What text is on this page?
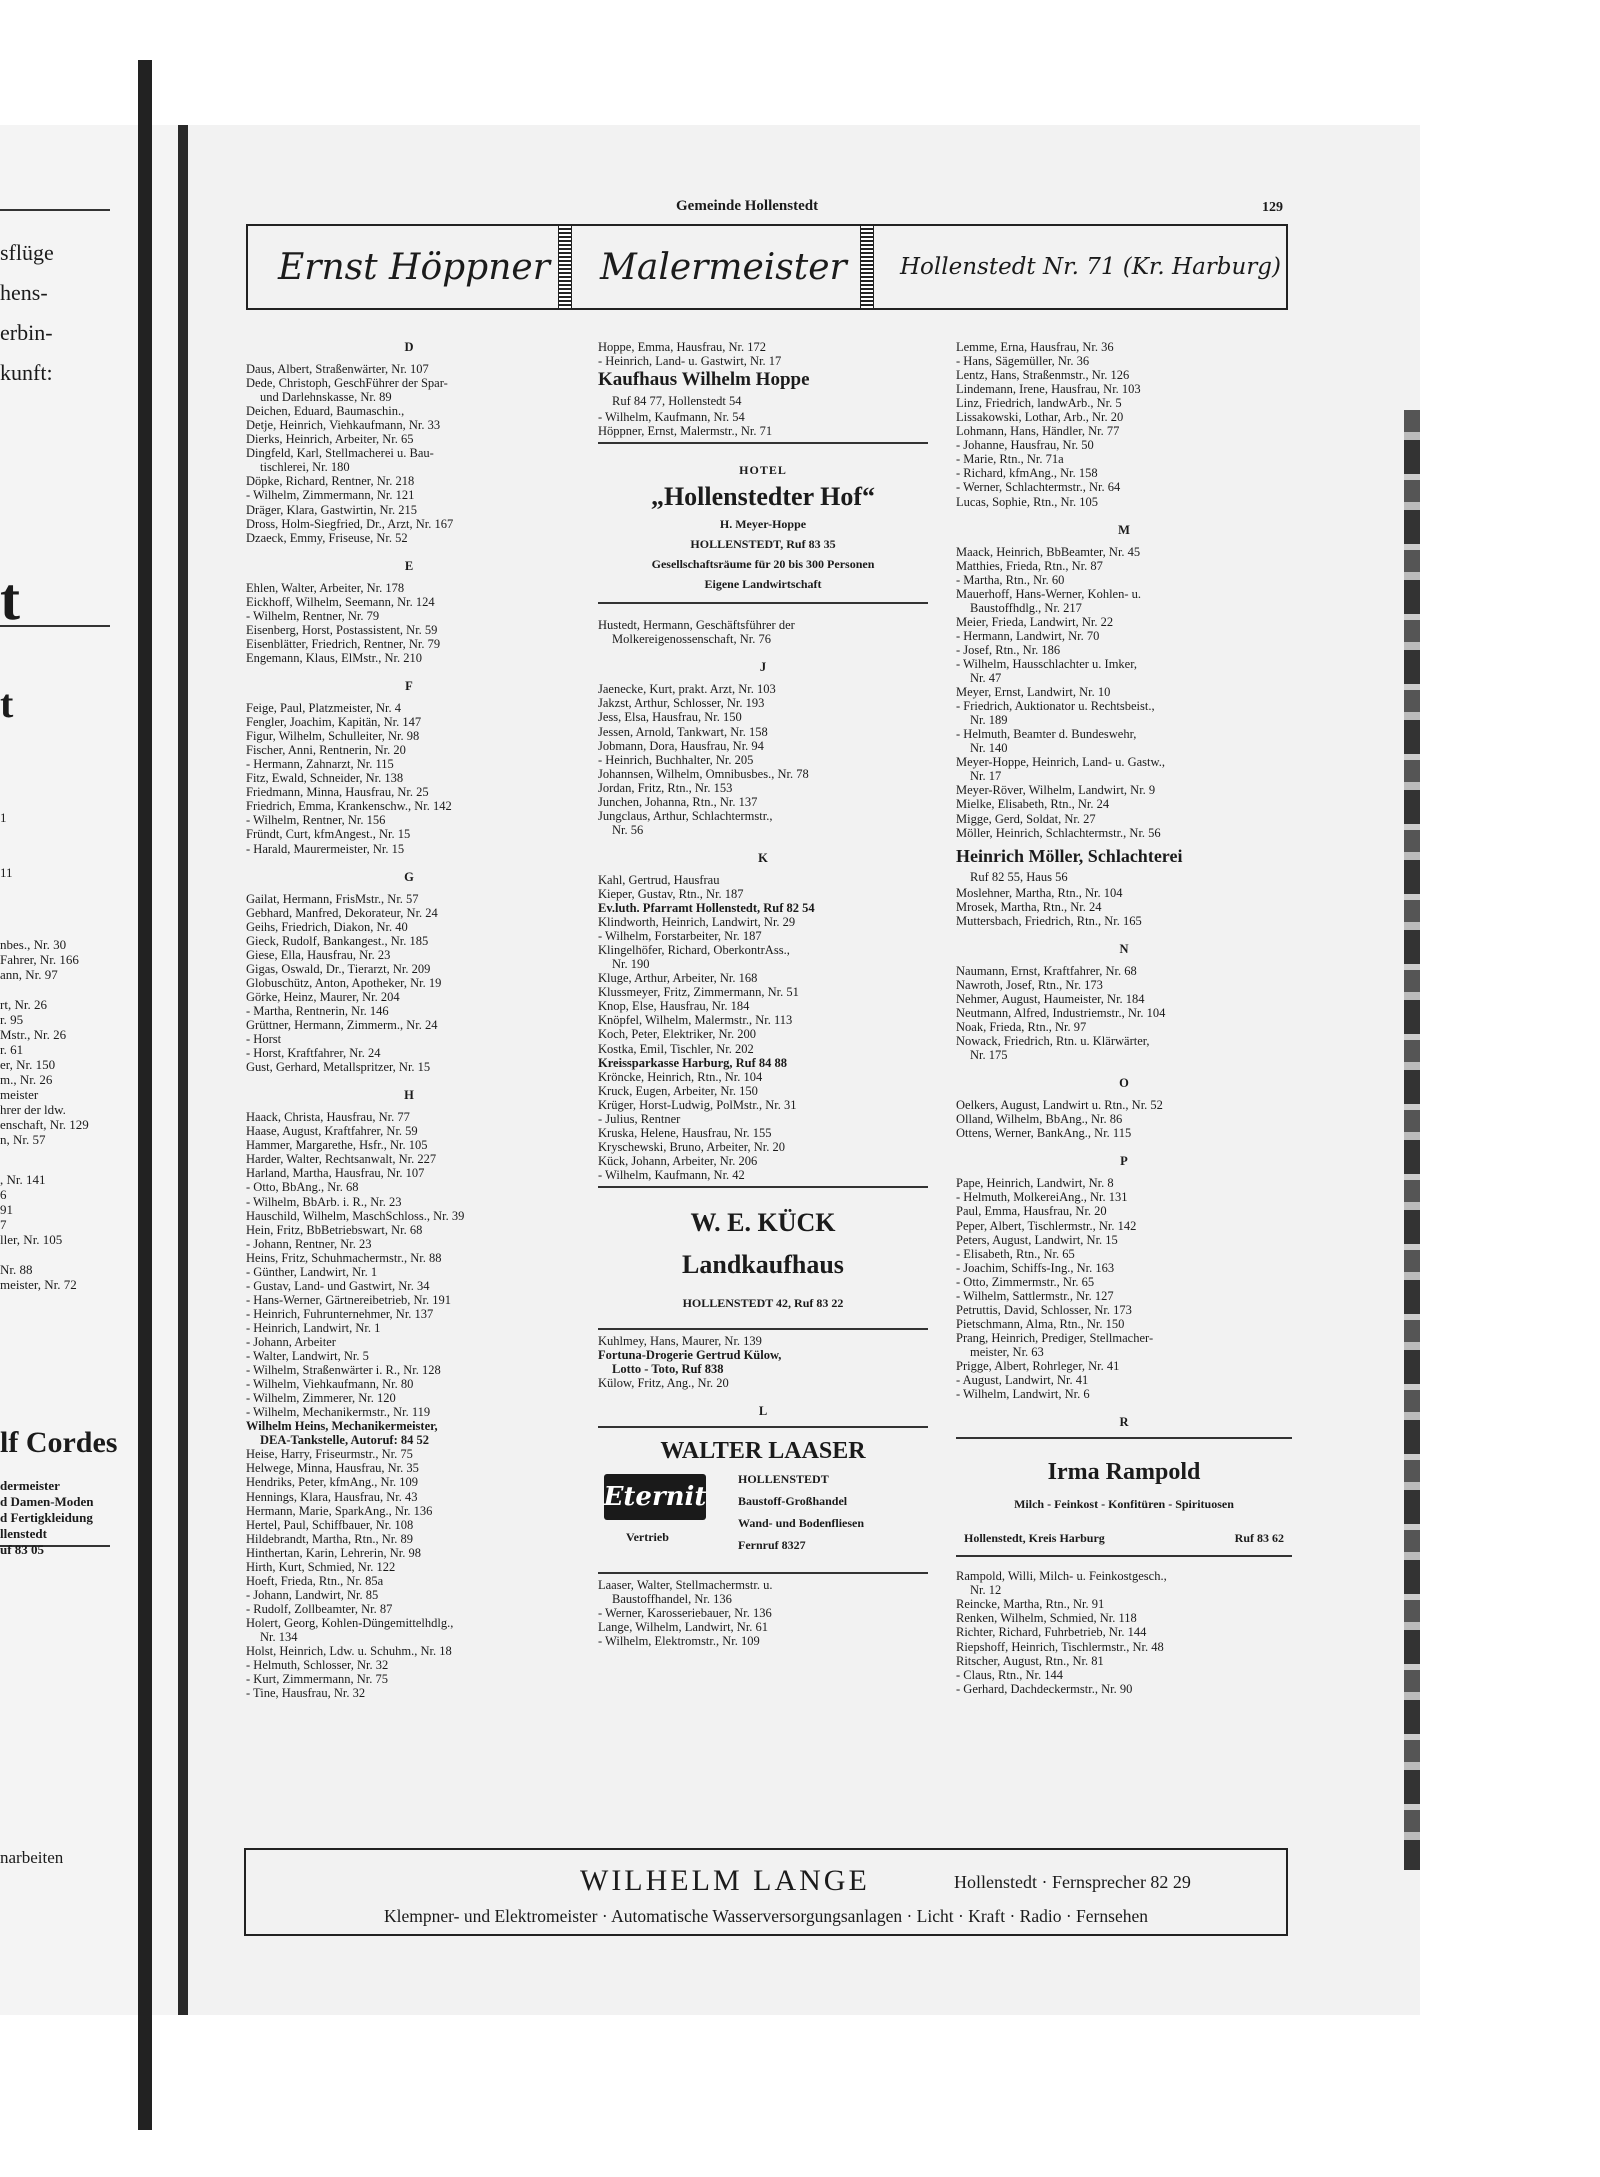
sflüge
hens-
erbin-
kunft:
t
t
1
11
nbes., Nr. 30
Fahrer, Nr. 166
ann, Nr. 97
rt, Nr. 26
r. 95
Mstr., Nr. 26
r. 61
er, Nr. 150
m., Nr. 26
meister
hrer der ldw.
enschaft, Nr. 129
n, Nr. 57
, Nr. 141
6
91
7
ller, Nr. 105
Nr. 88
meister, Nr. 72
lf Cordes
dermeister
d Damen-Moden
d Fertigkleidung
llenstedt
uf 83 05
narbeiten
Gemeinde Hollenstedt	129
Ernst Höppner	Malermeister Hollenstedt Nr. 71 (Kr. Harburg)
D
Daus, Albert, Straßenwärter, Nr. 107
Dede, Christoph, GeschFührer der Spar-
und Darlehnskasse, Nr. 89
Deichen, Eduard, Baumaschin.,
Detje, Heinrich, Viehkaufmann, Nr. 33
Dierks, Heinrich, Arbeiter, Nr. 65
Dingfeld, Karl, Stellmacherei u. Bau-
tischlerei, Nr. 180
Döpke, Richard, Rentner, Nr. 218
- Wilhelm, Zimmermann, Nr. 121
Dräger, Klara, Gastwirtin, Nr. 215
Dross, Holm-Siegfried, Dr., Arzt, Nr. 167
Dzaeck, Emmy, Friseuse, Nr. 52
E
Ehlen, Walter, Arbeiter, Nr. 178
Eickhoff, Wilhelm, Seemann, Nr. 124
- Wilhelm, Rentner, Nr. 79
Eisenberg, Horst, Postassistent, Nr. 59
Eisenblätter, Friedrich, Rentner, Nr. 79
Engemann, Klaus, ElMstr., Nr. 210
F
Feige, Paul, Platzmeister, Nr. 4
Fengler, Joachim, Kapitän, Nr. 147
Figur, Wilhelm, Schulleiter, Nr. 98
Fischer, Anni, Rentnerin, Nr. 20
- Hermann, Zahnarzt, Nr. 115
Fitz, Ewald, Schneider, Nr. 138
Friedmann, Minna, Hausfrau, Nr. 25
Friedrich, Emma, Krankenschw., Nr. 142
- Wilhelm, Rentner, Nr. 156
Fründt, Curt, kfmAngest., Nr. 15
- Harald, Maurermeister, Nr. 15
G
Gailat, Hermann, FrisMstr., Nr. 57
Gebhard, Manfred, Dekorateur, Nr. 24
Geihs, Friedrich, Diakon, Nr. 40
Gieck, Rudolf, Bankangest., Nr. 185
Giese, Ella, Hausfrau, Nr. 23
Gigas, Oswald, Dr., Tierarzt, Nr. 209
Globuschütz, Anton, Apotheker, Nr. 19
Görke, Heinz, Maurer, Nr. 204
- Martha, Rentnerin, Nr. 146
Grüttner, Hermann, Zimmerm., Nr. 24
- Horst
- Horst, Kraftfahrer, Nr. 24
Gust, Gerhard, Metallspritzer, Nr. 15
H
Haack, Christa, Hausfrau, Nr. 77
Haase, August, Kraftfahrer, Nr. 59
Hammer, Margarethe, Hsfr., Nr. 105
Harder, Walter, Rechtsanwalt, Nr. 227
Harland, Martha, Hausfrau, Nr. 107
- Otto, BbAng., Nr. 68
- Wilhelm, BbArb. i. R., Nr. 23
Hauschild, Wilhelm, MaschSchloss., Nr. 39
Hein, Fritz, BbBetriebswart, Nr. 68
- Johann, Rentner, Nr. 23
Heins, Fritz, Schuhmachermstr., Nr. 88
- Günther, Landwirt, Nr. 1
- Gustav, Land- und Gastwirt, Nr. 34
- Hans-Werner, Gärtnereibetrieb, Nr. 191
- Heinrich, Fuhrunternehmer, Nr. 137
- Heinrich, Landwirt, Nr. 1
- Johann, Arbeiter
- Walter, Landwirt, Nr. 5
- Wilhelm, Straßenwärter i. R., Nr. 128
- Wilhelm, Viehkaufmann, Nr. 80
- Wilhelm, Zimmerer, Nr. 120
- Wilhelm, Mechanikermstr., Nr. 119
Wilhelm Heins, Mechanikermeister,
DEA-Tankstelle, Autoruf: 84 52
Heise, Harry, Friseurmstr., Nr. 75
Helwege, Minna, Hausfrau, Nr. 35
Hendriks, Peter, kfmAng., Nr. 109
Hennings, Klara, Hausfrau, Nr. 43
Hermann, Marie, SparkAng., Nr. 136
Hertel, Paul, Schiffbauer, Nr. 108
Hildebrandt, Martha, Rtn., Nr. 89
Hinthertan, Karin, Lehrerin, Nr. 98
Hirth, Kurt, Schmied, Nr. 122
Hoeft, Frieda, Rtn., Nr. 85a
- Johann, Landwirt, Nr. 85
- Rudolf, Zollbeamter, Nr. 87
Holert, Georg, Kohlen-Düngemittelhdlg.,
Nr. 134
Holst, Heinrich, Ldw. u. Schuhm., Nr. 18
- Helmuth, Schlosser, Nr. 32
- Kurt, Zimmermann, Nr. 75
- Tine, Hausfrau, Nr. 32
Hoppe, Emma, Hausfrau, Nr. 172
- Heinrich, Land- u. Gastwirt, Nr. 17
Kaufhaus Wilhelm Hoppe
Ruf 84 77, Hollenstedt 54
- Wilhelm, Kaufmann, Nr. 54
Höppner, Ernst, Malermstr., Nr. 71
HOTEL
„Hollenstedter Hof“
H. Meyer-Hoppe
HOLLENSTEDT, Ruf 83 35
Gesellschaftsräume für 20 bis 300 Personen
Eigene Landwirtschaft
Hustedt, Hermann, Geschäftsführer der
Molkereigenossenschaft, Nr. 76
J
Jaenecke, Kurt, prakt. Arzt, Nr. 103
Jakzst, Arthur, Schlosser, Nr. 193
Jess, Elsa, Hausfrau, Nr. 150
Jessen, Arnold, Tankwart, Nr. 158
Jobmann, Dora, Hausfrau, Nr. 94
- Heinrich, Buchhalter, Nr. 205
Johannsen, Wilhelm, Omnibusbes., Nr. 78
Jordan, Fritz, Rtn., Nr. 153
Junchen, Johanna, Rtn., Nr. 137
Jungclaus, Arthur, Schlachtermstr.,
Nr. 56
K
Kahl, Gertrud, Hausfrau
Kieper, Gustav, Rtn., Nr. 187
Ev.luth. Pfarramt Hollenstedt, Ruf 82 54
Klindworth, Heinrich, Landwirt, Nr. 29
- Wilhelm, Forstarbeiter, Nr. 187
Klingelhöfer, Richard, OberkontrAss.,
Nr. 190
Kluge, Arthur, Arbeiter, Nr. 168
Klussmeyer, Fritz, Zimmermann, Nr. 51
Knop, Else, Hausfrau, Nr. 184
Knöpfel, Wilhelm, Malermstr., Nr. 113
Koch, Peter, Elektriker, Nr. 200
Kostka, Emil, Tischler, Nr. 202
Kreissparkasse Harburg, Ruf 84 88
Kröncke, Heinrich, Rtn., Nr. 104
Kruck, Eugen, Arbeiter, Nr. 150
Krüger, Horst-Ludwig, PolMstr., Nr. 31
- Julius, Rentner
Kruska, Helene, Hausfrau, Nr. 155
Kryschewski, Bruno, Arbeiter, Nr. 20
Kück, Johann, Arbeiter, Nr. 206
- Wilhelm, Kaufmann, Nr. 42
W. E. KÜCK
Landkaufhaus
HOLLENSTEDT 42, Ruf 83 22
Kuhlmey, Hans, Maurer, Nr. 139
Fortuna-Drogerie Gertrud Külow,
Lotto - Toto, Ruf 838
Külow, Fritz, Ang., Nr. 20
L
WALTER LAASER
Eternit
Vertrieb
HOLLENSTEDT
Baustoff-Großhandel
Wand- und Bodenfliesen
Fernruf 8327
Laaser, Walter, Stellmachermstr. u.
Baustoffhandel, Nr. 136
- Werner, Karosseriebauer, Nr. 136
Lange, Wilhelm, Landwirt, Nr. 61
- Wilhelm, Elektromstr., Nr. 109
Lemme, Erna, Hausfrau, Nr. 36
- Hans, Sägemüller, Nr. 36
Lentz, Hans, Straßenmstr., Nr. 126
Lindemann, Irene, Hausfrau, Nr. 103
Linz, Friedrich, landwArb., Nr. 5
Lissakowski, Lothar, Arb., Nr. 20
Lohmann, Hans, Händler, Nr. 77
- Johanne, Hausfrau, Nr. 50
- Marie, Rtn., Nr. 71a
- Richard, kfmAng., Nr. 158
- Werner, Schlachtermstr., Nr. 64
Lucas, Sophie, Rtn., Nr. 105
M
Maack, Heinrich, BbBeamter, Nr. 45
Matthies, Frieda, Rtn., Nr. 87
- Martha, Rtn., Nr. 60
Mauerhoff, Hans-Werner, Kohlen- u.
Baustoffhdlg., Nr. 217
Meier, Frieda, Landwirt, Nr. 22
- Hermann, Landwirt, Nr. 70
- Josef, Rtn., Nr. 186
- Wilhelm, Hausschlachter u. Imker,
Nr. 47
Meyer, Ernst, Landwirt, Nr. 10
- Friedrich, Auktionator u. Rechtsbeist.,
Nr. 189
- Helmuth, Beamter d. Bundeswehr,
Nr. 140
Meyer-Hoppe, Heinrich, Land- u. Gastw.,
Nr. 17
Meyer-Röver, Wilhelm, Landwirt, Nr. 9
Mielke, Elisabeth, Rtn., Nr. 24
Migge, Gerd, Soldat, Nr. 27
Möller, Heinrich, Schlachtermstr., Nr. 56
Heinrich Möller, Schlachterei
Ruf 82 55, Haus 56
Moslehner, Martha, Rtn., Nr. 104
Mrosek, Martha, Rtn., Nr. 24
Muttersbach, Friedrich, Rtn., Nr. 165
N
Naumann, Ernst, Kraftfahrer, Nr. 68
Nawroth, Josef, Rtn., Nr. 173
Nehmer, August, Haumeister, Nr. 184
Neutmann, Alfred, Industriemstr., Nr. 104
Noak, Frieda, Rtn., Nr. 97
Nowack, Friedrich, Rtn. u. Klärwärter,
Nr. 175
O
Oelkers, August, Landwirt u. Rtn., Nr. 52
Olland, Wilhelm, BbAng., Nr. 86
Ottens, Werner, BankAng., Nr. 115
P
Pape, Heinrich, Landwirt, Nr. 8
- Helmuth, MolkereiAng., Nr. 131
Paul, Emma, Hausfrau, Nr. 20
Peper, Albert, Tischlermstr., Nr. 142
Peters, August, Landwirt, Nr. 15
- Elisabeth, Rtn., Nr. 65
- Joachim, Schiffs-Ing., Nr. 163
- Otto, Zimmermstr., Nr. 65
- Wilhelm, Sattlermstr., Nr. 127
Petruttis, David, Schlosser, Nr. 173
Pietschmann, Alma, Rtn., Nr. 150
Prang, Heinrich, Prediger, Stellmacher-
meister, Nr. 63
Prigge, Albert, Rohrleger, Nr. 41
- August, Landwirt, Nr. 41
- Wilhelm, Landwirt, Nr. 6
R
Irma Rampold
Milch - Feinkost - Konfitüren - Spirituosen
Hollenstedt, Kreis Harburg	Ruf 83 62
Rampold, Willi, Milch- u. Feinkostgesch.,
Nr. 12
Reincke, Martha, Rtn., Nr. 91
Renken, Wilhelm, Schmied, Nr. 118
Richter, Richard, Fuhrbetrieb, Nr. 144
Riepshoff, Heinrich, Tischlermstr., Nr. 48
Ritscher, August, Rtn., Nr. 81
- Claus, Rtn., Nr. 144
- Gerhard, Dachdeckermstr., Nr. 90
WILHELM LANGE	Hollenstedt · Fernsprecher 82 29
Klempner- und Elektromeister · Automatische Wasserversorgungsanlagen · Licht · Kraft · Radio · Fernsehen
